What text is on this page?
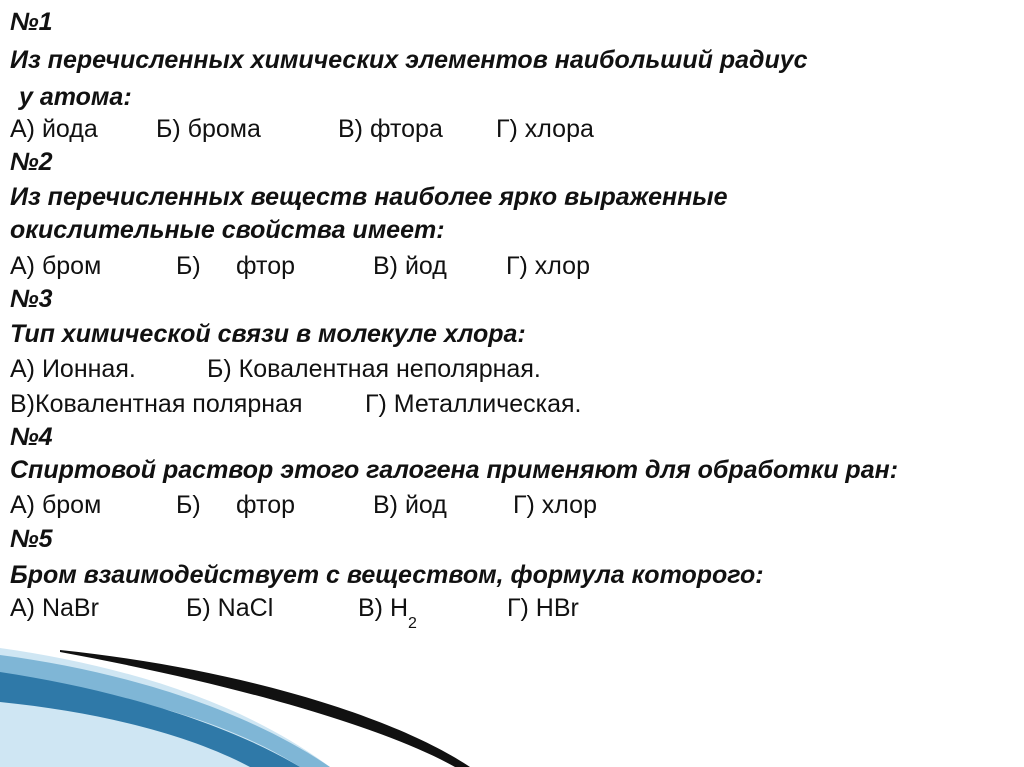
№1
Из перечисленных химических элементов наибольший радиус
у атома:
А) йода Б) брома	В) фтора Г) хлора
№2
Из перечисленных веществ наиболее ярко выраженные
окислительные свойства имеет:
А) бром	Б) фтор	В) йод Г) хлор
№3
Тип химической связи в молекуле хлора:
А) Ионная.	Б) Ковалентная неполярная.
В)Ковалентная полярная	Г) Металлическая.
№4
Спиртовой раствор этого галогена применяют для обработки ран:
А) бром	Б) фтор	В) йод	Г) хлор
№5
Бром взаимодействует с веществом, формула которого:
А) NaBr	Б) NaCl	В) $H_2$
Г) HBr
